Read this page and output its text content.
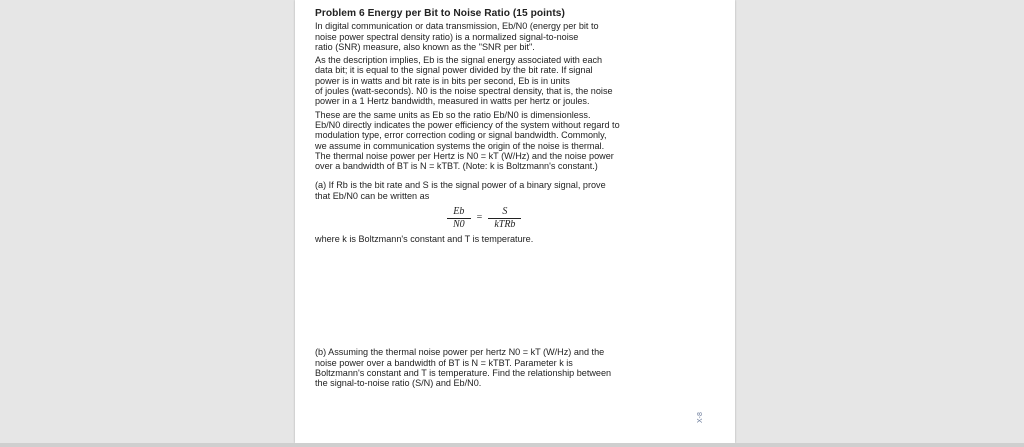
Problem 6 Energy per Bit to Noise Ratio (15 points)

In digital communication or data transmission, Eb/N0 (energy per bit to

noise power spectral density ratio) is a normalized signal-to-noise

ratio (SNR) measure, also known as the "SNR per bit".

As the description implies, Eb is the signal energy associated with each

data bit; it is equal to the signal power divided by the bit rate. If signal

power is in watts and bit rate is in bits per second, Eb is in units

of joules (watt-seconds). N0 is the noise spectral density, that is, the noise

power in a 1 Hertz bandwidth, measured in watts per hertz or joules.

These are the same units as Eb so the ratio Eb/N0 is dimensionless.

Eb/N0 directly indicates the power efficiency of the system without regard to

modulation type, error correction coding or signal bandwidth. Commonly,

we assume in communication systems the origin of the noise is thermal.

The thermal noise power per Hertz is N0 = kT (W/Hz) and the noise power

over a bandwidth of BT is N = kTBT. (Note: k is Boltzmann's constant.)

(a) If Rb is the bit rate and S is the signal power of a binary signal, prove

that Eb/N0 can be written as

$\frac{Eb}{N0} = \frac{S}{\text{kTRb}}$

where k is Boltzmann's constant and T is temperature.

(b) Assuming the thermal noise power per hertz N0 = kT (W/Hz) and the

noise power over a bandwidth of BT is N = kTBT. Parameter k is

Boltzmann's constant and T is temperature. Find the relationship between

the signal-to-noise ratio (S/N) and Eb/N0.

X-8
